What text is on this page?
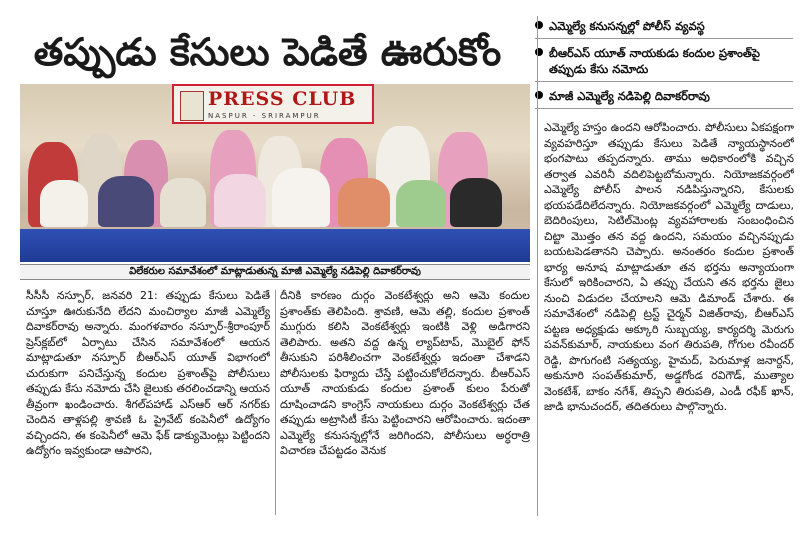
తప్పుడు కేసులు పెడితే ఊరుకోం
ఎమ్మెల్యే కనుసన్నల్లో పోలీస్ వ్యవస్థ
బీఆర్ఎస్ యూత్ నాయకుడు కందుల ప్రశాంత్‌పై తప్పుడు కేసు నమోదు
మాజీ ఎమ్మెల్యే నడిపెల్లి దివాకర్‌రావు
PRESS CLUB
NASPUR - SRIRAMPUR
విలేకరుల సమావేశంలో మాట్లాడుతున్న మాజీ ఎమ్మెల్యే నడిపెల్లి దివాకర్‌రావు
సీసీసీ నస్పూర్, జనవరి 21: తప్పుడు కేసులు పెడితే చూస్తూ ఊరుకునేది లేదని మంచిర్యాల మాజీ ఎమ్మెల్యే దివాకర్‌రావు అన్నారు. మంగళవారం నస్పూర్-శ్రీరాంపూర్ ప్రెస్‌క్లబ్‌లో ఏర్పాటు చేసిన సమావేశంలో ఆయన మాట్లాడుతూ నస్పూర్ బీఆర్ఎస్ యూత్ విభాగంలో చురుకుగా పనిచేస్తున్న కందుల ప్రశాంత్‌పై పోలీసులు తప్పుడు కేసు నమోదు చేసి జైలుకు తరలించడాన్ని ఆయన తీవ్రంగా ఖండించారు. శీగల్‌పహాడ్ ఎస్‌ఆర్ ఆర్ నగర్‌కు చెందిన తాళ్లపల్లి శ్రావణి ఓ ప్రైవేట్ కంపెనీలో ఉద్యోగం వచ్చిందని, ఈ కంపెనీలో ఆమె ఫేక్ డాక్యుమెంట్లు పెట్టిందని ఉద్యోగం ఇవ్వకుండా ఆపారని,
దీనికి కారణం దుర్గం వెంకటేశ్వర్లు అని ఆమె కందుల ప్రశాంత్‌కు తెలిపింది. శ్రావణి, ఆమె తల్లి, కందుల ప్రశాంత్ ముగ్గురు కలిసి వెంకటేశ్వర్లు ఇంటికి వెళ్లి అడిగారని తెలిపారు. అతని వద్ద ఉన్న ల్యాప్‌టాప్, మొబైల్ ఫోన్ తీసుకుని పరిశీలించగా వెంకటేశ్వర్లు ఇదంతా చేశాడని పోలీసులకు ఫిర్యాదు చేస్తే పట్టించుకోలేదన్నారు. బీఆర్ఎస్ యూత్ నాయకుడు కందుల ప్రశాంత్ కులం పేరుతో దూషించాడని కాంగ్రెస్ నాయకులు దుర్గం వెంకటేశ్వర్లు చేత తప్పుడు అట్రాసిటీ కేసు పెట్టించారని ఆరోపించారు. ఇదంతా ఎమ్మెల్యే కనుసన్నల్లోనే జరిగిందని, పోలీసులు అర్ధరాత్రి విచారణ చేపట్టడం వెనుక
ఎమ్మెల్యే హస్తం ఉందని ఆరోపించారు. పోలీసులు ఏకపక్షంగా వ్యవహరిస్తూ తప్పుడు కేసులు పెడితే న్యాయస్థానంలో భంగపాటు తప్పదన్నారు. తాము అధికారంలోకి వచ్చిన తర్వాత ఎవరినీ వదిలిపెట్టబోమన్నారు. నియోజకవర్గంలో ఎమ్మెల్యే పోలీస్ పాలన నడిపిస్తున్నారని, కేసులకు భయపడేదిలేదన్నారు. నియోజకవర్గంలో ఎమ్మెల్యే దాడులు, బెదిరింపులు, సెటిల్‌మెంట్ల వ్యవహారాలకు సంబంధించిన చిట్టా మొత్తం తన వద్ద ఉందని, సమయం వచ్చినప్పుడు బయటపెడతానని చెప్పారు. అనంతరం కందుల ప్రశాంత్ భార్య అనూష మాట్లాడుతూ తన భర్తను అన్యాయంగా కేసులో ఇరికించారని, ఏ తప్పు చేయని తన భర్తను జైలు నుంచి విడుదల చేయాలని ఆమె డిమాండ్ చేశారు. ఈ సమావేశంలో నడిపెల్లి ట్రస్ట్ చైర్మన్ విజిత్‌రావు, బీఆర్ఎస్ పట్టణ అధ్యక్షుడు అక్కూరి సుబ్బయ్య, కార్యదర్శి మెరుగు పవన్‌కుమార్, నాయకులు వంగ తిరుపతి, గోగుల రవీందర్ రెడ్డి, పొగుగంటి సత్యయ్య, హైమద్, పెరుమాళ్ల జనార్దన్, అకునూరి సంపత్‌కుమార్, అడ్డగోండ రవిగౌడ్, ముత్యాల వెంకటేశ్, బాకం నగేశ్, తిప్పని తిరుపతి, ఎండీ రఫీక్ ఖాన్, జాడి భానుచందర్, తదితరులు పాల్గొన్నారు.
